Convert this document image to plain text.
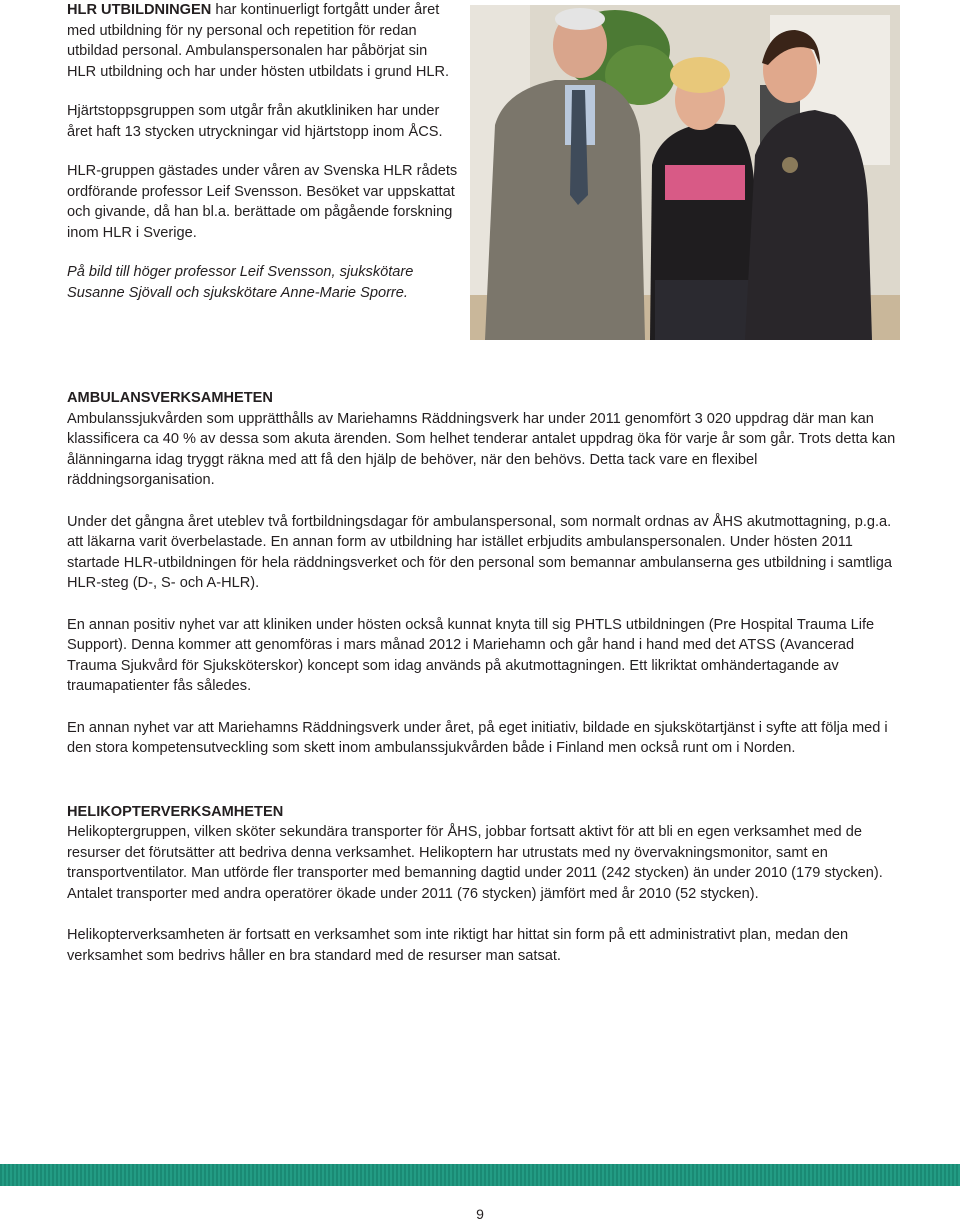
HLR UTBILDNINGEN har kontinuerligt fortgått under året med utbildning för ny personal och repetition för redan utbildad personal. Ambulanspersonalen har påbörjat sin HLR utbildning och har under hösten utbildats i grund HLR.

Hjärtstoppsgruppen som utgår från akutkliniken har under året haft 13 stycken utryckningar vid hjärtstopp inom ÅCS.

HLR-gruppen gästades under våren av Svenska HLR rådets ordförande professor Leif Svensson. Besöket var uppskattat och givande, då han bl.a. berättade om pågående forskning inom HLR i Sverige.

På bild till höger professor Leif Svensson, sjukskötare Susanne Sjövall och sjukskötare Anne-Marie Sporre.

AMBULANSVERKSAMHETEN

Ambulanssjukvården som upprätthålls av Mariehamns Räddningsverk har under 2011 genomfört 3 020 uppdrag där man kan klassificera ca 40 % av dessa som akuta ärenden. Som helhet tenderar antalet uppdrag öka för varje år som går. Trots detta kan ålänningarna idag tryggt räkna med att få den hjälp de behöver, när den behövs. Detta tack vare en flexibel räddningsorganisation.

Under det gångna året uteblev två fortbildningsdagar för ambulanspersonal, som normalt ordnas av ÅHS akutmottagning, p.g.a. att läkarna varit överbelastade. En annan form av utbildning har istället erbjudits ambulanspersonalen. Under hösten 2011 startade HLR-utbildningen för hela räddningsverket och för den personal som bemannar ambulanserna ges utbildning i samtliga HLR-steg (D-, S- och A-HLR).

En annan positiv nyhet var att kliniken under hösten också kunnat knyta till sig PHTLS utbildningen (Pre Hospital Trauma Life Support). Denna kommer att genomföras i mars månad 2012 i Mariehamn och går hand i hand med det ATSS (Avancerad Trauma Sjukvård för Sjuksköterskor) koncept som idag används på akutmottagningen. Ett likriktat omhändertagande av traumapatienter fås således.

En annan nyhet var att Mariehamns Räddningsverk under året, på eget initiativ, bildade en sjukskötartjänst i syfte att följa med i den stora kompetensutveckling som skett inom ambulanssjukvården både i Finland men också runt om i Norden.

HELIKOPTERVERKSAMHETEN

Helikoptergruppen, vilken sköter sekundära transporter för ÅHS, jobbar fortsatt aktivt för att bli en egen verksamhet med de resurser det förutsätter att bedriva denna verksamhet. Helikoptern har utrustats med ny övervakningsmonitor, samt en transportventilator. Man utförde fler transporter med bemanning dagtid under 2011 (242 stycken) än under 2010 (179 stycken). Antalet transporter med andra operatörer ökade under 2011 (76 stycken) jämfört med år 2010 (52 stycken).

Helikopterverksamheten är fortsatt en verksamhet som inte riktigt har hittat sin form på ett administrativt plan, medan den verksamhet som bedrivs håller en bra standard med de resurser man satsat.

9
